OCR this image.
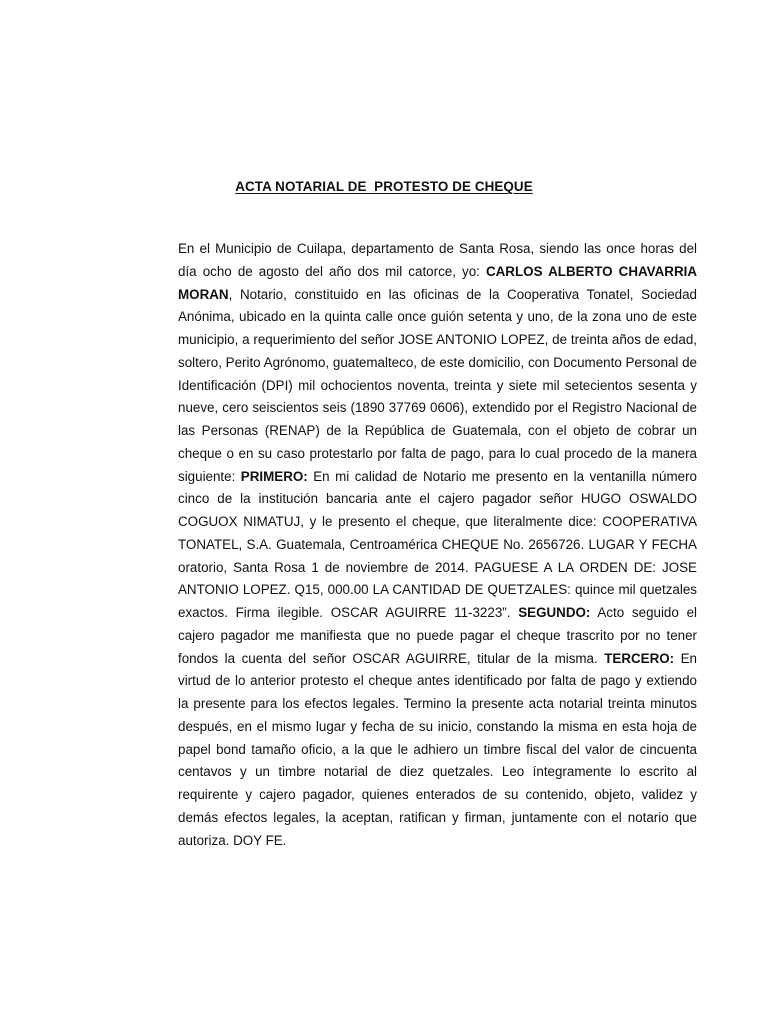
ACTA NOTARIAL DE  PROTESTO DE CHEQUE

En el Municipio de Cuilapa, departamento de Santa Rosa, siendo las once horas del día ocho de agosto del año dos mil catorce, yo: CARLOS ALBERTO CHAVARRIA MORAN, Notario, constituido en las oficinas de la Cooperativa Tonatel, Sociedad Anónima, ubicado en la quinta calle once guión setenta y uno, de la zona uno de este municipio, a requerimiento del señor JOSE ANTONIO LOPEZ, de treinta años de edad, soltero, Perito Agrónomo, guatemalteco, de este domicilio, con Documento Personal de Identificación (DPI) mil ochocientos noventa, treinta y siete mil setecientos sesenta y nueve, cero seiscientos seis (1890 37769 0606), extendido por el Registro Nacional de las Personas (RENAP) de la República de Guatemala, con el objeto de cobrar un cheque o en su caso protestarlo por falta de pago, para lo cual procedo de la manera siguiente: PRIMERO: En mi calidad de Notario me presento en la ventanilla número cinco de la institución bancaria ante el cajero pagador señor HUGO OSWALDO COGUOX NIMATUJ, y le presento el cheque, que literalmente dice: COOPERATIVA TONATEL, S.A. Guatemala, Centroamérica CHEQUE No. 2656726. LUGAR Y FECHA oratorio, Santa Rosa 1 de noviembre de 2014. PAGUESE A LA ORDEN DE: JOSE ANTONIO LOPEZ. Q15, 000.00 LA CANTIDAD DE QUETZALES: quince mil quetzales exactos. Firma ilegible. OSCAR AGUIRRE 11-3223”. SEGUNDO: Acto seguido el cajero pagador me manifiesta que no puede pagar el cheque trascrito por no tener fondos la cuenta del señor OSCAR AGUIRRE, titular de la misma. TERCERO: En virtud de lo anterior protesto el cheque antes identificado por falta de pago y extiendo la presente para los efectos legales. Termino la presente acta notarial treinta minutos después, en el mismo lugar y fecha de su inicio, constando la misma en esta hoja de papel bond tamaño oficio, a la que le adhiero un timbre fiscal del valor de cincuenta centavos y un timbre notarial de diez quetzales. Leo íntegramente lo escrito al requirente y cajero pagador, quienes enterados de su contenido, objeto, validez y demás efectos legales, la aceptan, ratifican y firman, juntamente con el notario que autoriza. DOY FE.
